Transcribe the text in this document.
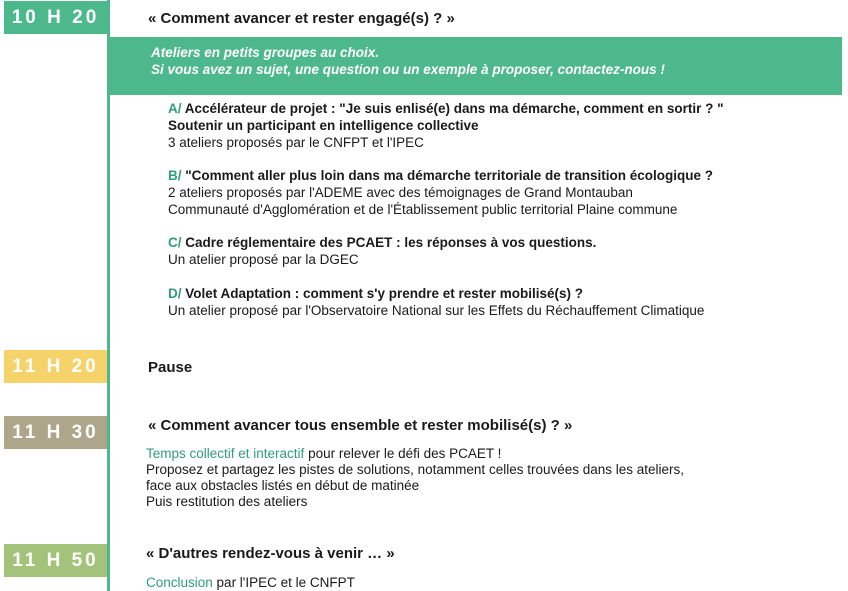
10 H 20	« Comment avancer et rester engagé(s) ? »
Ateliers en petits groupes au choix.
Si vous avez un sujet, une question ou un exemple à proposer, contactez-nous !
A/ Accélérateur de projet : "Je suis enlisé(e) dans ma démarche, comment en sortir ? "
Soutenir un participant en intelligence collective
3 ateliers proposés par le CNFPT et l'IPEC
B/ "Comment aller plus loin dans ma démarche territoriale de transition écologique ?
2 ateliers proposés par l'ADEME avec des témoignages de Grand Montauban
Communauté d'Agglomération et de l'Établissement public territorial Plaine commune
C/ Cadre réglementaire des PCAET : les réponses à vos questions.
Un atelier proposé par la DGEC
D/ Volet Adaptation : comment s'y prendre et rester mobilisé(s) ?
Un atelier proposé par l'Observatoire National sur les Effets du Réchauffement Climatique
11 H 20	Pause
11 H 30	« Comment avancer tous ensemble et rester mobilisé(s) ? »
Temps collectif et interactif pour relever le défi des PCAET !
Proposez et partagez les pistes de solutions, notamment celles trouvées dans les ateliers,
face aux obstacles listés en début de matinée
Puis restitution des ateliers
11 H 50	« D'autres rendez-vous à venir … »
Conclusion par l'IPEC et le CNFPT
